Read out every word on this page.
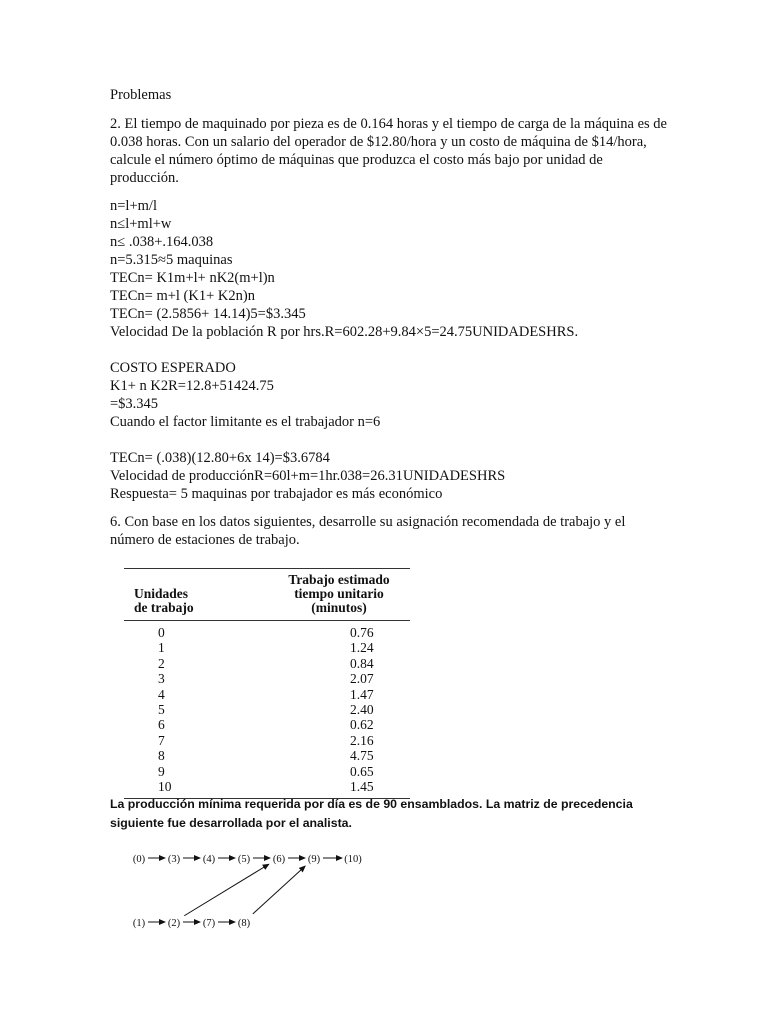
Problemas

2. El tiempo de maquinado por pieza es de 0.164 horas y el tiempo de carga de la máquina es de 0.038 horas. Con un salario del operador de $12.80/hora y un costo de máquina de $14/hora, calcule el número óptimo de máquinas que produzca el costo más bajo por unidad de producción.

n=l+m/l
n≤l+ml+w
n≤ .038+.164.038
n=5.315≈5 maquinas
TECn= K1m+l+ nK2(m+l)n
TECn= m+l (K1+ K2n)n
TECn= (2.5856+ 14.14)5=$3.345
Velocidad De la población R por hrs.R=602.28+9.84×5=24.75UNIDADESHRS.
COSTO ESPERADO
K1+ n K2R=12.8+51424.75
=$3.345
Cuando el factor limitante es el trabajador n=6
TECn= (.038)(12.80+6x 14)=$3.6784
Velocidad de producciónR=60l+m=1hr.038=26.31UNIDADESHRS
Respuesta= 5 maquinas por trabajador es más económico

6. Con base en los datos siguientes, desarrolle su asignación recomendada de trabajo y el número de estaciones de trabajo.

Unidades
de trabajo	Trabajo estimado
tiempo unitario (minutos)
0	0.76
1	1.24
2	0.84
3	2.07
4	1.47
5	2.40
6	0.62
7	2.16
8	4.75
9	0.65
10	1.45

La producción mínima requerida por día es de 90 ensamblados. La matriz de precedencia siguiente fue desarrollada por el analista.

(0) (3) (4) (5) (6) (9) (10)
(1) (2) (7) (8)
